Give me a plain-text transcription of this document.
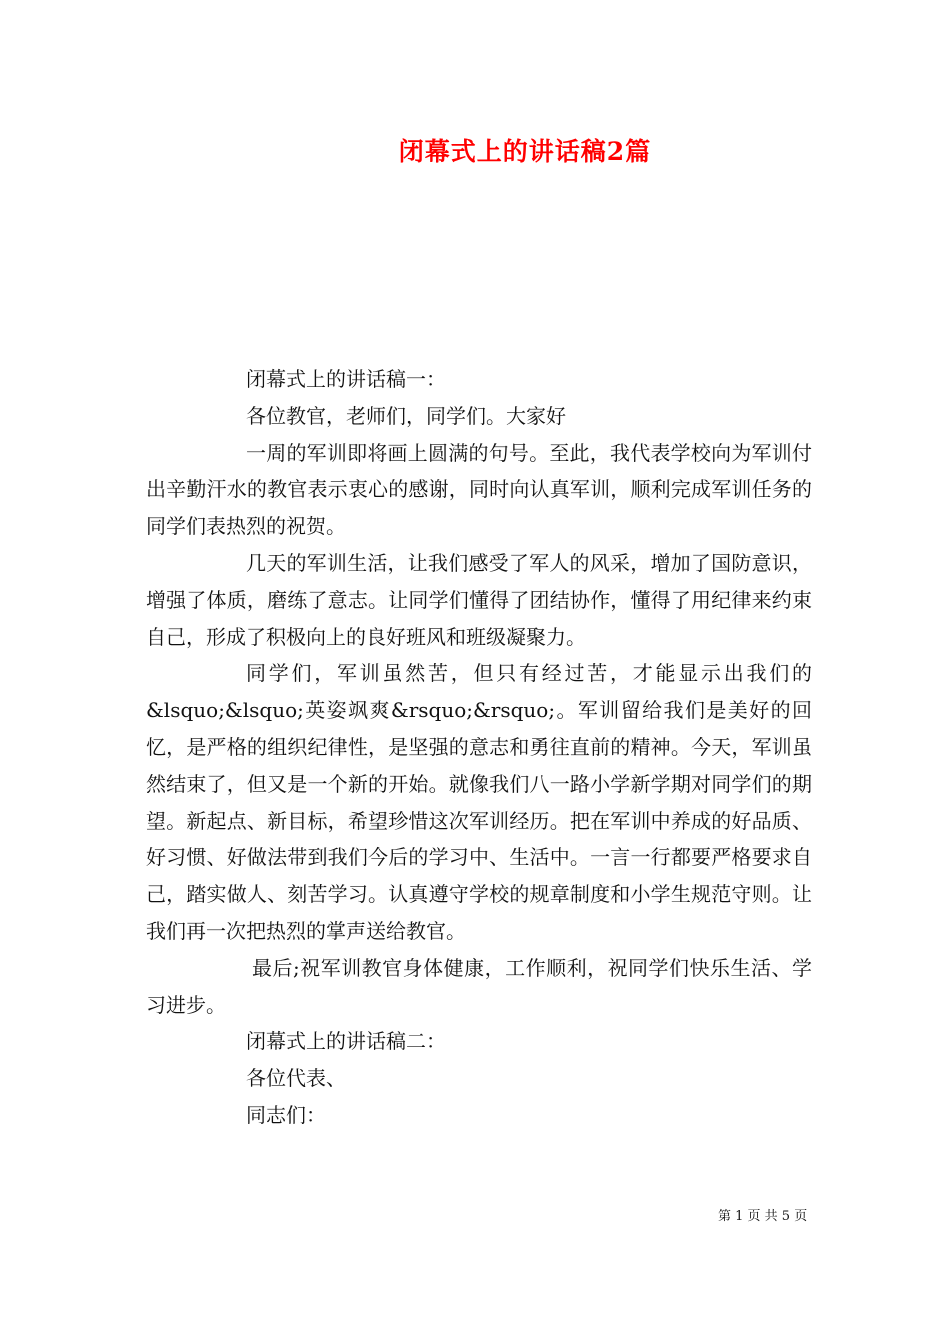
闭幕式上的讲话稿2篇

闭幕式上的讲话稿一：

各位教官，老师们，同学们。大家好

一周的军训即将画上圆满的句号。至此，我代表学校向为军训付出辛勤汗水的教官表示衷心的感谢，同时向认真军训，顺利完成军训任务的同学们表热烈的祝贺。

几天的军训生活，让我们感受了军人的风采，增加了国防意识，增强了体质，磨练了意志。让同学们懂得了团结协作，懂得了用纪律来约束自己，形成了积极向上的良好班风和班级凝聚力。

同学们，军训虽然苦，但只有经过苦，才能显示出我们的&lsquo;&lsquo;英姿飒爽&rsquo;&rsquo;。军训留给我们是美好的回忆，是严格的组织纪律性，是坚强的意志和勇往直前的精神。今天，军训虽然结束了，但又是一个新的开始。就像我们八一路小学新学期对同学们的期望。新起点、新目标，希望珍惜这次军训经历。把在军训中养成的好品质、好习惯、好做法带到我们今后的学习中、生活中。一言一行都要严格要求自己，踏实做人、刻苦学习。认真遵守学校的规章制度和小学生规范守则。让我们再一次把热烈的掌声送给教官。

最后;祝军训教官身体健康，工作顺利，祝同学们快乐生活、学习进步。

闭幕式上的讲话稿二：

各位代表、

同志们：

第 1 页 共 5 页
